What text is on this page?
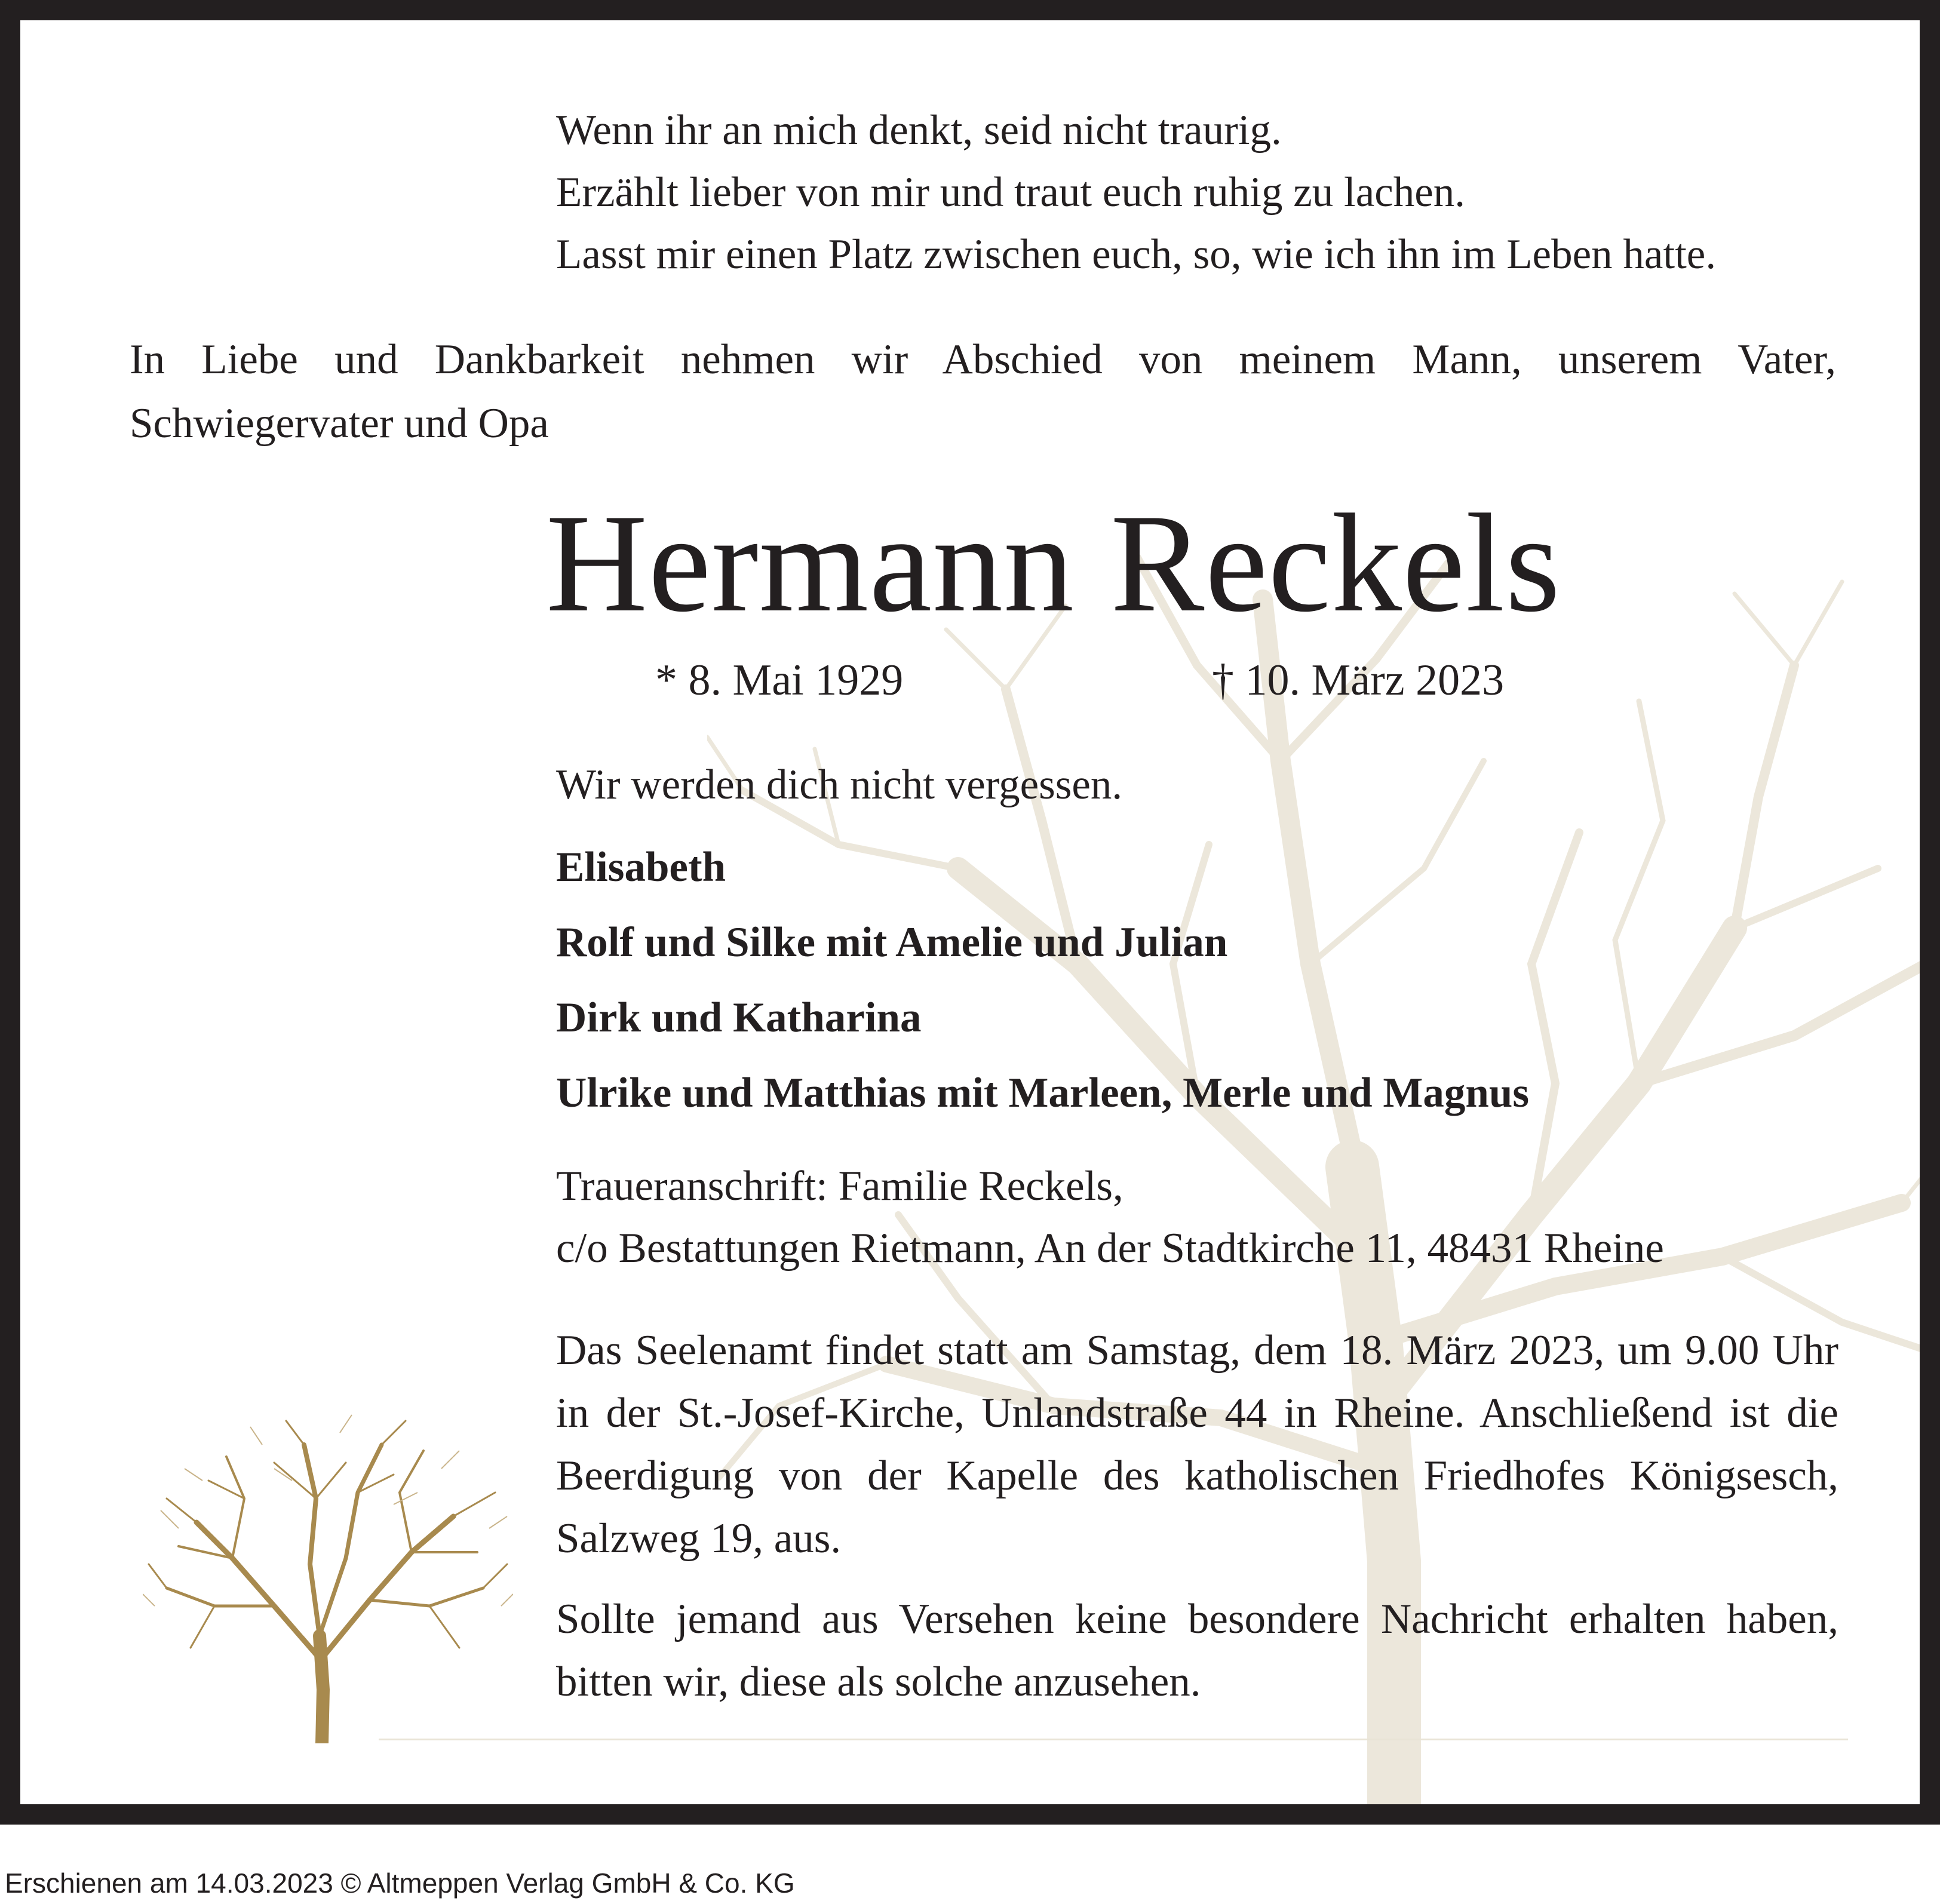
Wenn ihr an mich denkt, seid nicht traurig.
Erzählt lieber von mir und traut euch ruhig zu lachen.
Lasst mir einen Platz zwischen euch, so, wie ich ihn im Leben hatte.
In Liebe und Dankbarkeit nehmen wir Abschied von meinem Mann, unserem Vater,
Schwiegervater und Opa
Hermann Reckels
* 8. Mai 1929	† 10. März 2023
Wir werden dich nicht vergessen.
Elisabeth
Rolf und Silke mit Amelie und Julian
Dirk und Katharina
Ulrike und Matthias mit Marleen, Merle und Magnus
Traueranschrift: Familie Reckels,
c/o Bestattungen Rietmann, An der Stadtkirche 11, 48431 Rheine
Das Seelenamt findet statt am Samstag, dem 18. März 2023, um 9.00 Uhr in der St.-Josef-Kirche, Unlandstraße 44 in Rheine. Anschließend ist die Beerdigung von der Kapelle des katholischen Friedhofes Königsesch, Salzweg 19, aus.
Sollte jemand aus Versehen keine besondere Nachricht erhalten haben, bitten wir, diese als solche anzusehen.
Erschienen am 14.03.2023 © Altmeppen Verlag GmbH & Co. KG
